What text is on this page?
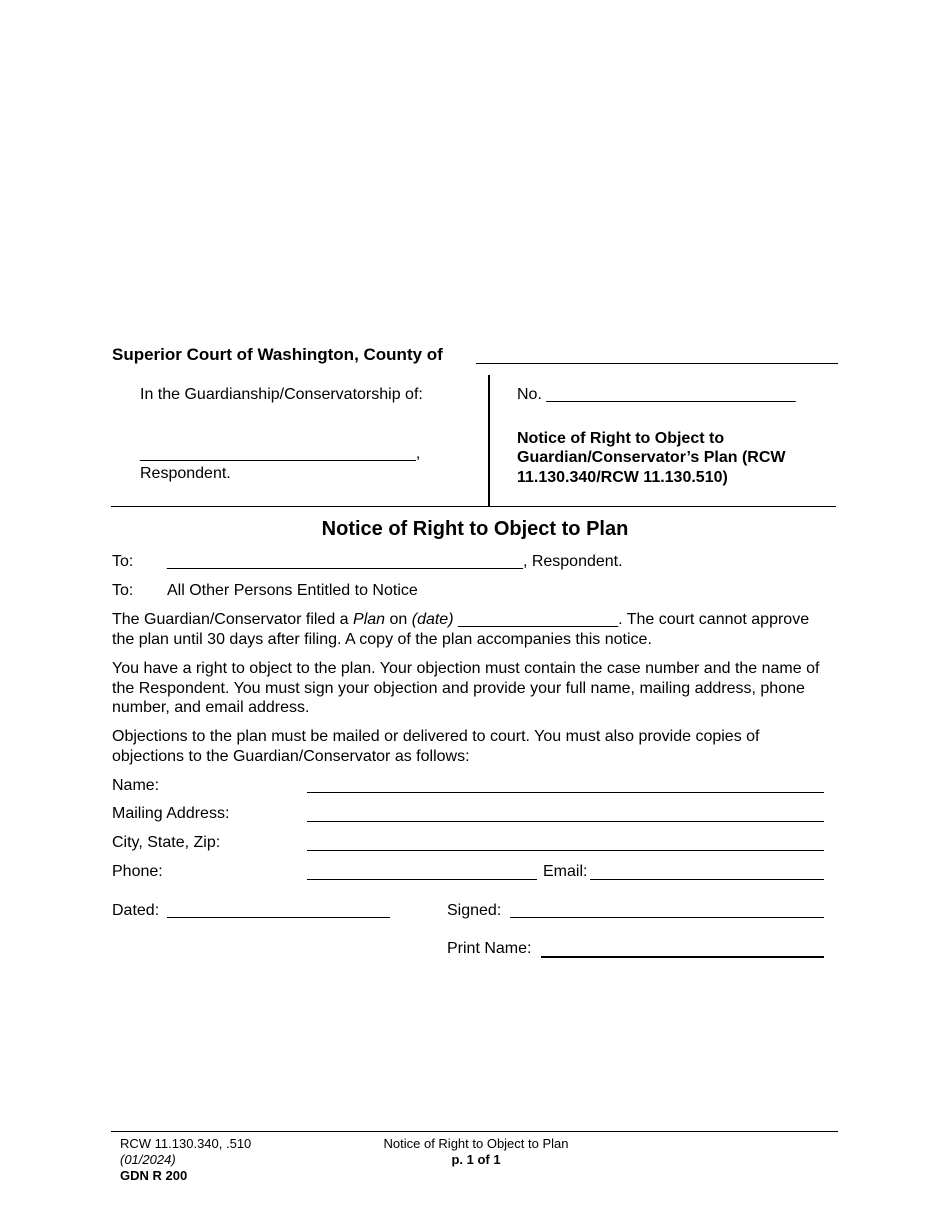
Superior Court of Washington, County of
In the Guardianship/Conservatorship of:
_______________________________,
Respondent.
No. ____________________________
Notice of Right to Object to
Guardian/Conservator’s Plan (RCW
11.130.340/RCW 11.130.510)
Notice of Right to Object to Plan
To: ________________________________________, Respondent.
To: All Other Persons Entitled to Notice

The Guardian/Conservator filed a Plan on (date) __________________. The court cannot approve the plan until 30 days after filing. A copy of the plan accompanies this notice.

You have a right to object to the plan. Your objection must contain the case number and the name of the Respondent. You must sign your objection and provide your full name, mailing address, phone number, and email address.

Objections to the plan must be mailed or delivered to court. You must also provide copies of objections to the Guardian/Conservator as follows:

Name:
Mailing Address:
City, State, Zip:
Phone:	Email:
Dated:	Signed:
Print Name:
RCW 11.130.340, .510
(01/2024)
GDN R 200
Notice of Right to Object to Plan
p. 1 of 1
